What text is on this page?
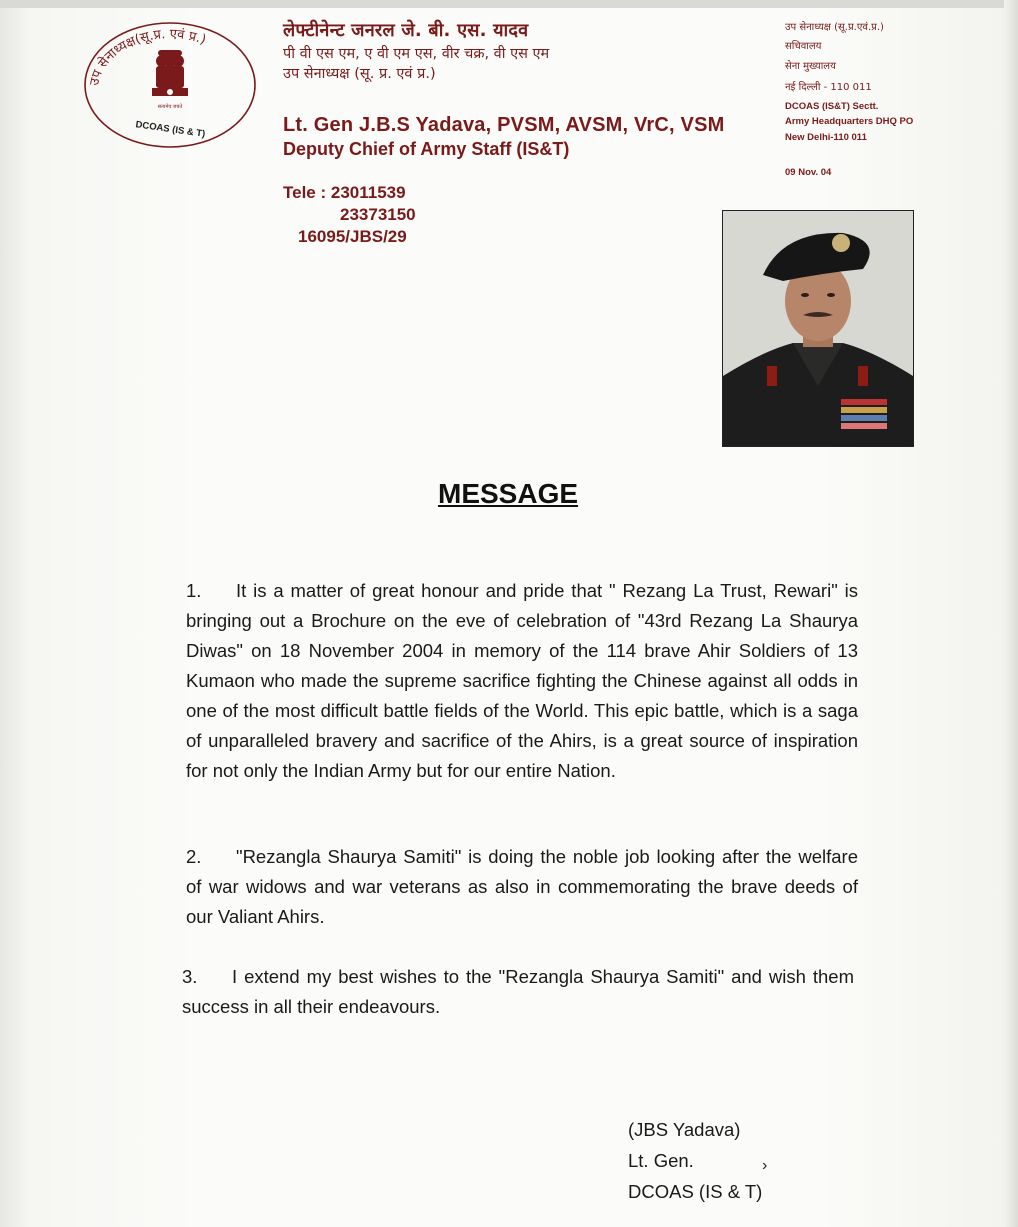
उप सेनाध्यक्ष(सू.प्र. एवं प्र.)
सत्यमेव जयते
DCOAS (IS & T)
लेफ्टीनेन्ट जनरल जे. बी. एस. यादव
पी वी एस एम, ए वी एम एस, वीर चक्र, वी एस एम
उप सेनाध्यक्ष (सू. प्र. एवं प्र.)
Lt. Gen J.B.S Yadava, PVSM, AVSM, VrC, VSM
Deputy Chief of Army Staff (IS&T)
Tele : 23011539
23373150
16095/JBS/29
उप सेनाध्यक्ष (सू.प्र.एवं.प्र.)
सचिवालय
सेना मुख्यालय
नई दिल्ली - 110 011
DCOAS (IS&T) Sectt.
Army Headquarters DHQ PO
New Delhi-110 011
09 Nov. 04
MESSAGE
1. It is a matter of great honour and pride that " Rezang La Trust, Rewari" is bringing out a Brochure on the eve of celebration of "43rd Rezang La Shaurya Diwas" on 18 November 2004 in memory of the 114 brave Ahir Soldiers of 13 Kumaon who made the supreme sacrifice fighting the Chinese against all odds in one of the most difficult battle fields of the World. This epic battle, which is a saga of unparalleled bravery and sacrifice of the Ahirs, is a great source of inspiration for not only the Indian Army but for our entire Nation.
2. "Rezangla Shaurya Samiti" is doing the noble job looking after the welfare of war widows and war veterans as also in commemorating the brave deeds of our Valiant Ahirs.
3. I extend my best wishes to the "Rezangla Shaurya Samiti" and wish them success in all their endeavours.
(JBS Yadava)
Lt. Gen.
DCOAS (IS & T)
›
